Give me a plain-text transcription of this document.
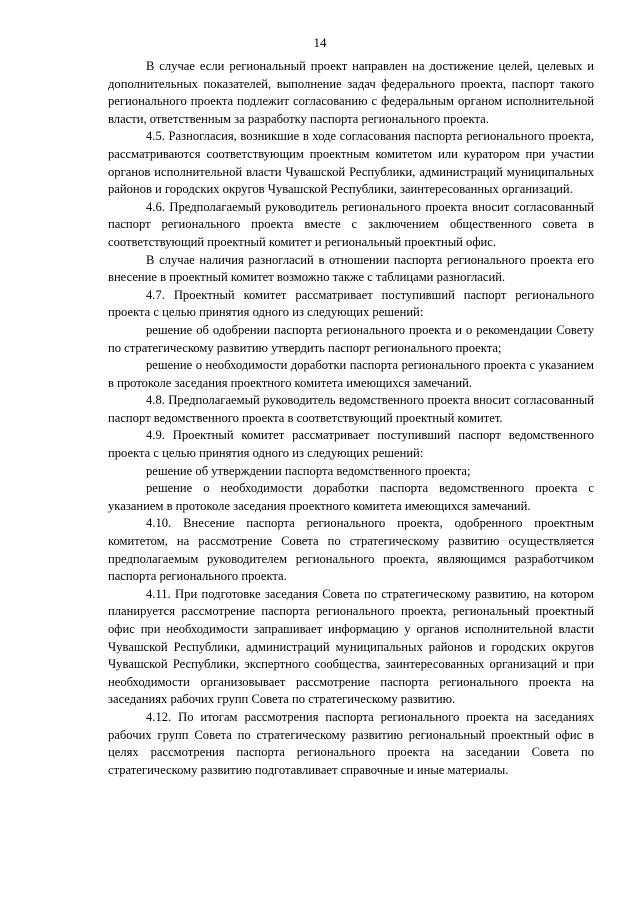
14

В случае если региональный проект направлен на достижение целей, целевых и дополнительных показателей, выполнение задач федерального проекта, паспорт такого регионального проекта подлежит согласованию с федеральным органом исполнительной власти, ответственным за разработку паспорта регионального проекта.

4.5. Разногласия, возникшие в ходе согласования паспорта регионального проекта, рассматриваются соответствующим проектным комитетом или куратором при участии органов исполнительной власти Чувашской Республики, администраций муниципальных районов и городских округов Чувашской Республики, заинтересованных организаций.

4.6. Предполагаемый руководитель регионального проекта вносит согласованный паспорт регионального проекта вместе с заключением общественного совета в соответствующий проектный комитет и региональный проектный офис.

В случае наличия разногласий в отношении паспорта регионального проекта его внесение в проектный комитет возможно также с таблицами разногласий.

4.7. Проектный комитет рассматривает поступивший паспорт регионального проекта с целью принятия одного из следующих решений:

решение об одобрении паспорта регионального проекта и о рекомендации Совету по стратегическому развитию утвердить паспорт регионального проекта;

решение о необходимости доработки паспорта регионального проекта с указанием в протоколе заседания проектного комитета имеющихся замечаний.

4.8. Предполагаемый руководитель ведомственного проекта вносит согласованный паспорт ведомственного проекта в соответствующий проектный комитет.

4.9. Проектный комитет рассматривает поступивший паспорт ведомственного проекта с целью принятия одного из следующих решений:

решение об утверждении паспорта ведомственного проекта;

решение о необходимости доработки паспорта ведомственного проекта с указанием в протоколе заседания проектного комитета имеющихся замечаний.

4.10. Внесение паспорта регионального проекта, одобренного проектным комитетом, на рассмотрение Совета по стратегическому развитию осуществляется предполагаемым руководителем регионального проекта, являющимся разработчиком паспорта регионального проекта.

4.11. При подготовке заседания Совета по стратегическому развитию, на котором планируется рассмотрение паспорта регионального проекта, региональный проектный офис при необходимости запрашивает информацию у органов исполнительной власти Чувашской Республики, администраций муниципальных районов и городских округов Чувашской Республики, экспертного сообщества, заинтересованных организаций и при необходимости организовывает рассмотрение паспорта регионального проекта на заседаниях рабочих групп Совета по стратегическому развитию.

4.12. По итогам рассмотрения паспорта регионального проекта на заседаниях рабочих групп Совета по стратегическому развитию региональный проектный офис в целях рассмотрения паспорта регионального проекта на заседании Совета по стратегическому развитию подготавливает справочные и иные материалы.
